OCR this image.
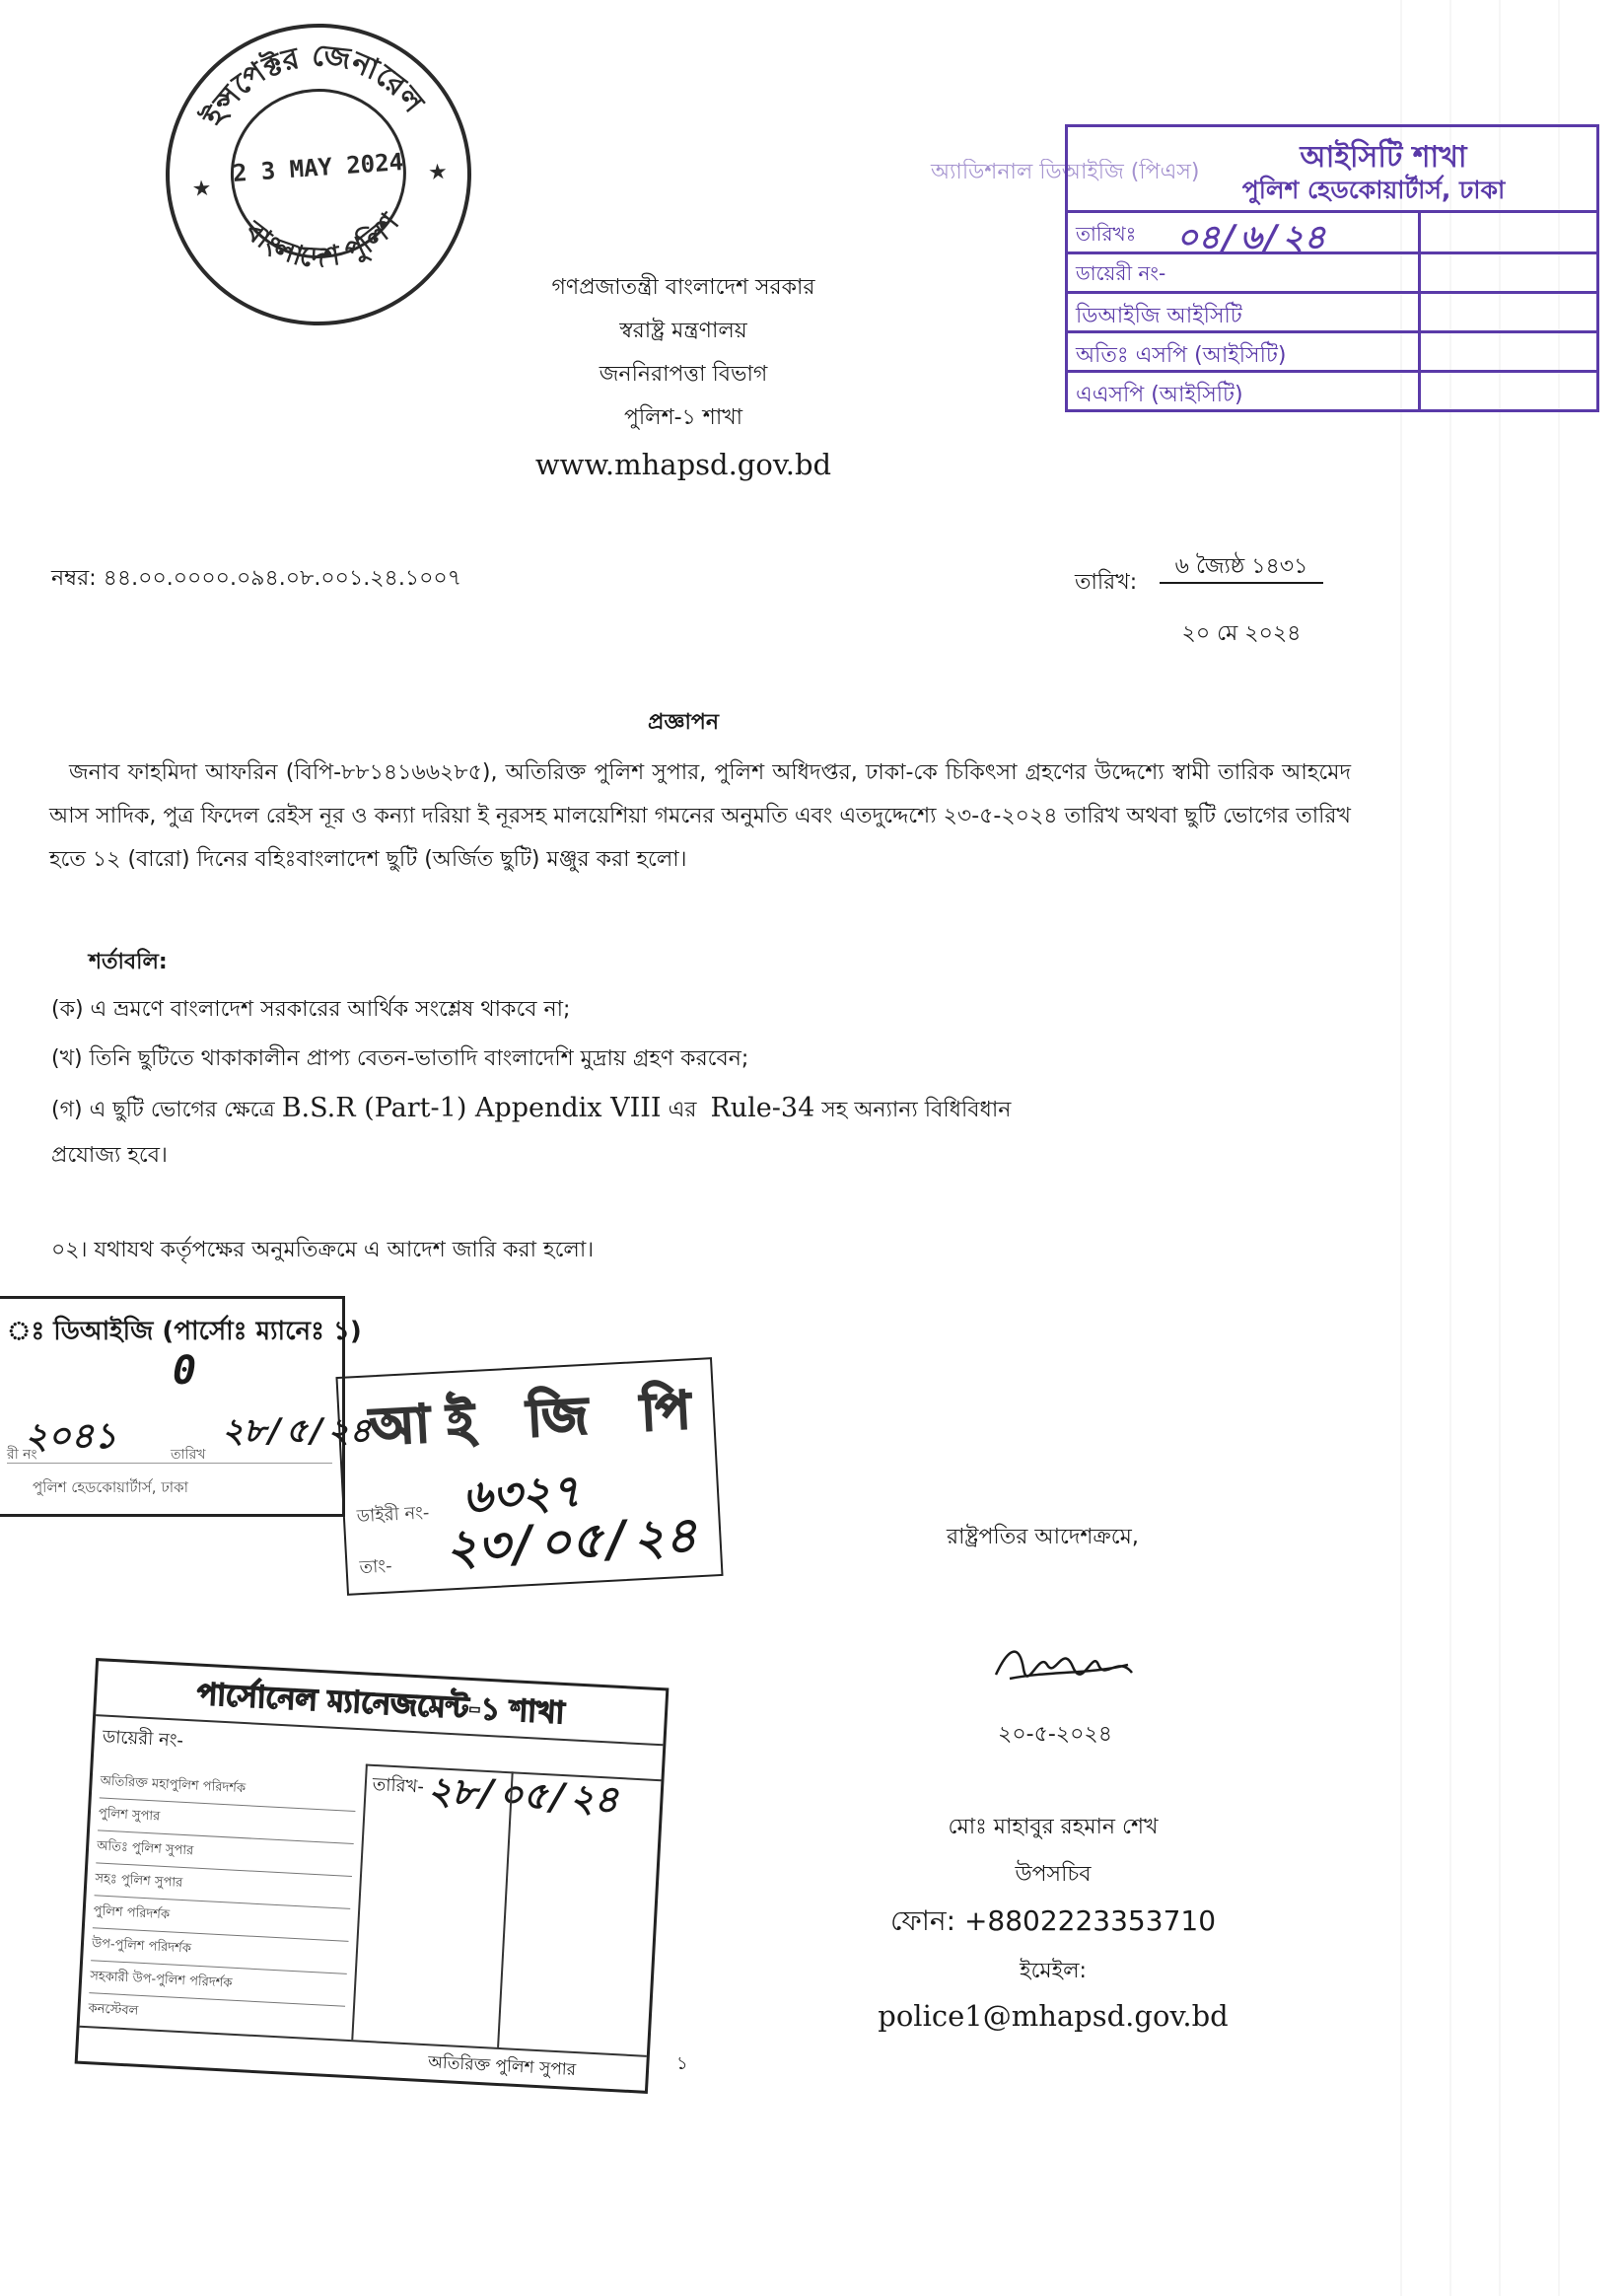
ইন্সপেক্টর জেনারেল
বাংলাদেশ পুলিশ
★
★
2 3 MAY 2024	অ্যাডিশনাল ডিআইজি (পিএস)	আইসিটি শাখা
পুলিশ হেডকোয়ার্টার্স, ঢাকা
তারিখঃ ০৪/৬/২৪
ডায়েরী নং-
ডিআইজি আইসিটি
অতিঃ এসপি (আইসিটি)
এএসপি (আইসিটি)
গণপ্রজাতন্ত্রী বাংলাদেশ সরকার
স্বরাষ্ট্র মন্ত্রণালয়
জননিরাপত্তা বিভাগ
পুলিশ-১ শাখা
www.mhapsd.gov.bd
নম্বর: ৪৪.০০.০০০০.০৯৪.০৮.০০১.২৪.১০০৭	তারিখ:
৬ জ্যৈষ্ঠ ১৪৩১
২০ মে ২০২৪
প্রজ্ঞাপন

জনাব ফাহমিদা আফরিন (বিপি-৮৮১৪১৬৬২৮৫), অতিরিক্ত পুলিশ সুপার, পুলিশ অধিদপ্তর, ঢাকা-কে চিকিৎসা গ্রহণের উদ্দেশ্যে স্বামী তারিক আহমেদ আস সাদিক, পুত্র ফিদেল রেইস নূর ও কন্যা দরিয়া ই নূরসহ মালয়েশিয়া গমনের অনুমতি এবং এতদুদ্দেশ্যে ২৩-৫-২০২৪ তারিখ অথবা ছুটি ভোগের তারিখ হতে ১২ (বারো) দিনের বহিঃবাংলাদেশ ছুটি (অর্জিত ছুটি) মঞ্জুর করা হলো।

শর্তাবলি:
(ক) এ ভ্রমণে বাংলাদেশ সরকারের আর্থিক সংশ্লেষ থাকবে না;
(খ) তিনি ছুটিতে থাকাকালীন প্রাপ্য বেতন-ভাতাদি বাংলাদেশি মুদ্রায় গ্রহণ করবেন;
(গ) এ ছুটি ভোগের ক্ষেত্রে B.S.R (Part-1) Appendix VIII এর Rule-34 সহ অন্যান্য বিধিবিধান
প্রযোজ্য হবে।
০২। যথাযথ কর্তৃপক্ষের অনুমতিক্রমে এ আদেশ জারি করা হলো।
ঃ ডিআইজি (পার্সোঃ ম্যানেঃ ১)
0
রী নং
২০৪১	তারিখ
২৮/৫/২৪
পুলিশ হেডকোয়ার্টার্স, ঢাকা
আই জি পি
ডাইরী নং- ৬৩২৭
তাং- ২৩/০৫/২৪	রাষ্ট্রপতির আদেশক্রমে,
২০-৫-২০২৪
মোঃ মাহাবুর রহমান শেখ
উপসচিব
ফোন: +8802223353710
ইমেইল:
police1@mhapsd.gov.bd
পার্সোনেল ম্যানেজমেন্ট-১ শাখা
ডায়েরী নং-
তারিখ- ২৮/০৫/২৪
অতিরিক্ত মহাপুলিশ পরিদর্শক
পুলিশ সুপার
অতিঃ পুলিশ সুপার
সহঃ পুলিশ সুপার
পুলিশ পরিদর্শক
উপ-পুলিশ পরিদর্শক
সহকারী উপ-পুলিশ পরিদর্শক
কনস্টেবল
অতিরিক্ত পুলিশ সুপার	১
